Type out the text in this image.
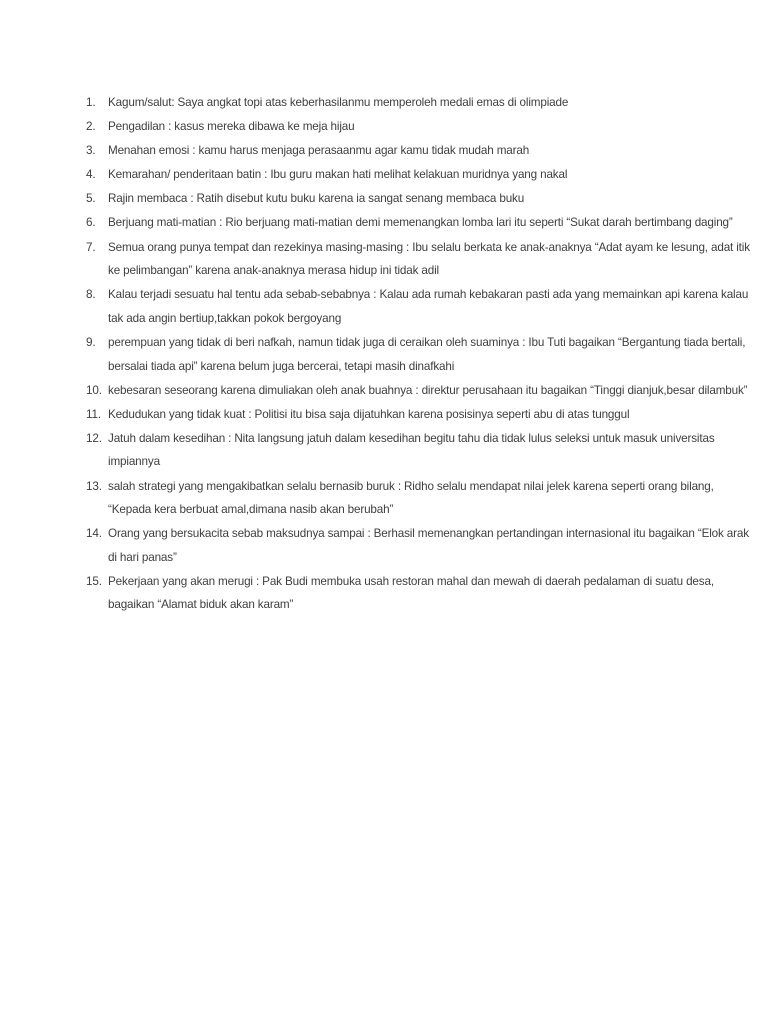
1.	Kagum/salut: Saya angkat topi atas keberhasilanmu memperoleh medali emas di olimpiade
2.	Pengadilan : kasus mereka dibawa ke meja hijau
3.	Menahan emosi : kamu harus menjaga perasaanmu agar kamu tidak mudah marah
4.	Kemarahan/ penderitaan batin : Ibu guru makan hati melihat kelakuan muridnya yang nakal
5.	Rajin membaca : Ratih disebut kutu buku karena ia sangat senang membaca buku
6.	Berjuang mati-matian : Rio berjuang mati-matian demi memenangkan lomba lari itu seperti “Sukat darah bertimbang daging”
7.	Semua orang punya tempat dan rezekinya masing-masing : Ibu selalu berkata ke anak-anaknya “Adat ayam ke lesung, adat itik ke pelimbangan” karena anak-anaknya merasa hidup ini tidak adil
8.	Kalau terjadi sesuatu hal tentu ada sebab-sebabnya : Kalau ada rumah kebakaran pasti ada yang memainkan api karena kalau tak ada angin bertiup,takkan pokok bergoyang
9.	perempuan yang tidak di beri nafkah, namun tidak juga di ceraikan oleh suaminya : Ibu Tuti bagaikan “Bergantung tiada bertali, bersalai tiada api” karena belum juga bercerai, tetapi masih dinafkahi
10. kebesaran seseorang karena dimuliakan oleh anak buahnya : direktur perusahaan itu bagaikan “Tinggi dianjuk,besar dilambuk”
11. Kedudukan yang tidak kuat : Politisi itu bisa saja dijatuhkan karena posisinya seperti abu di atas tunggul
12. Jatuh dalam kesedihan : Nita langsung jatuh dalam kesedihan begitu tahu dia tidak lulus seleksi untuk masuk universitas impiannya
13. salah strategi yang mengakibatkan selalu bernasib buruk : Ridho selalu mendapat nilai jelek karena seperti orang bilang, “Kepada kera berbuat amal,dimana nasib akan berubah”
14. Orang yang bersukacita sebab maksudnya sampai : Berhasil memenangkan pertandingan internasional itu bagaikan “Elok arak di hari panas”
15. Pekerjaan yang akan merugi : Pak Budi membuka usah restoran mahal dan mewah di daerah pedalaman di suatu desa, bagaikan “Alamat biduk akan karam”
